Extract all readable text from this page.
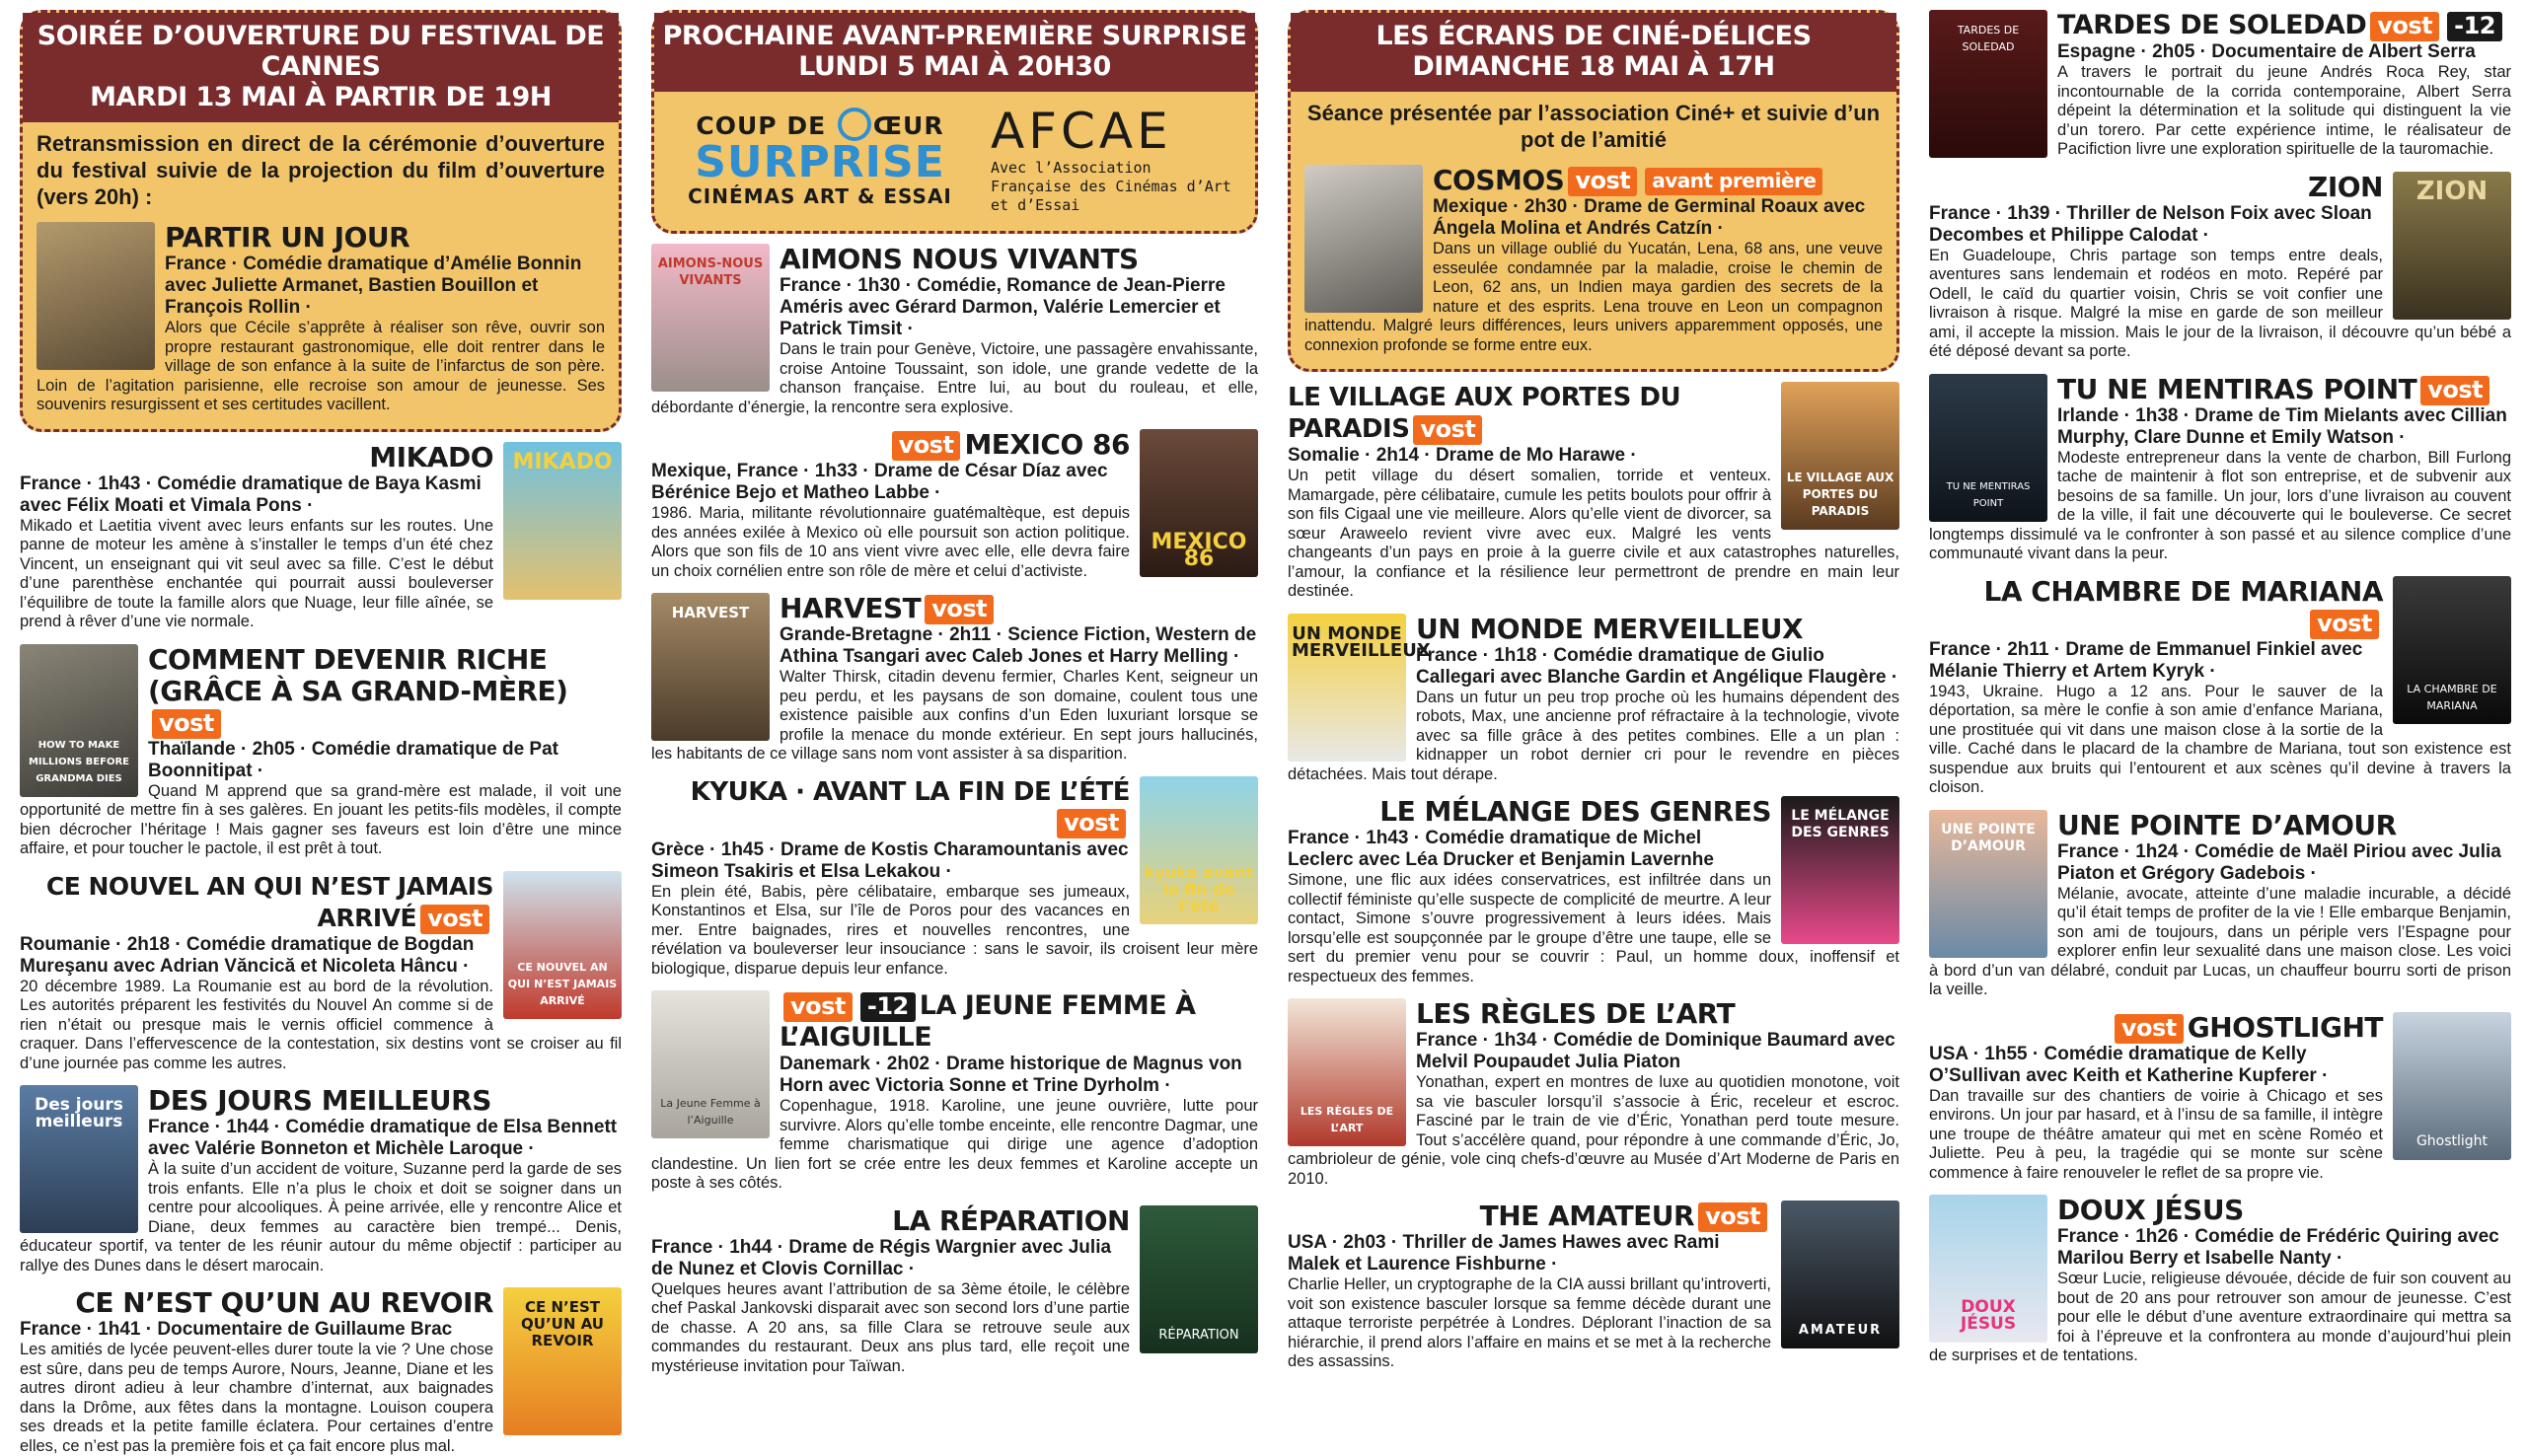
SOIRÉE D’OUVERTURE DU FESTIVAL DE CANNES
MARDI 13 MAI À PARTIR DE 19H
Retransmission en direct de la cérémonie d’ouverture du festival suivie de la projection du film d’ouverture (vers 20h) :
PARTIR UN JOUR
France · Comédie dramatique d’Amélie Bonnin avec Juliette Armanet, Bastien Bouillon et François Rollin ·
Alors que Cécile s’apprête à réaliser son rêve, ouvrir son propre restaurant gastronomique, elle doit rentrer dans le village de son enfance à la suite de l’infarctus de son père. Loin de l’agitation parisienne, elle recroise son amour de jeunesse. Ses souvenirs resurgissent et ses certitudes vacillent.
MIKADO
MIKADO
France · 1h43 · Comédie dramatique de Baya Kasmi avec Félix Moati et Vimala Pons ·
Mikado et Laetitia vivent avec leurs enfants sur les routes. Une panne de moteur les amène à s’installer le temps d’un été chez Vincent, un enseignant qui vit seul avec sa fille. C’est le début d’une parenthèse enchantée qui pourrait aussi bouleverser l’équilibre de toute la famille alors que Nuage, leur fille aînée, se prend à rêver d’une vie normale.
HOW TO MAKE MILLIONS BEFORE GRANDMA DIES
COMMENT DEVENIR RICHE (GRÂCE À SA GRAND-MÈRE)vost
Thaïlande · 2h05 · Comédie dramatique de Pat Boonnitipat ·
Quand M apprend que sa grand-mère est malade, il voit une opportunité de mettre fin à ses galères. En jouant les petits-fils modèles, il compte bien décrocher l’héritage ! Mais gagner ses faveurs est loin d’être une mince affaire, et pour toucher le pactole, il est prêt à tout.
CE NOUVEL AN QUI N’EST JAMAIS ARRIVÉ
CE NOUVEL AN QUI N’EST JAMAIS ARRIVÉ vost
Roumanie · 2h18 · Comédie dramatique de Bogdan Mureşanu avec Adrian Văncică et Nicoleta Hâncu ·
20 décembre 1989. La Roumanie est au bord de la révolution. Les autorités préparent les festivités du Nouvel An comme si de rien n’était ou presque mais le vernis officiel commence à craquer. Dans l’effervescence de la contestation, six destins vont se croiser au fil d’une journée pas comme les autres.
Des jours meilleurs
DES JOURS MEILLEURS
France · 1h44 · Comédie dramatique de Elsa Bennett avec Valérie Bonneton et Michèle Laroque ·
À la suite d’un accident de voiture, Suzanne perd la garde de ses trois enfants. Elle n’a plus le choix et doit se soigner dans un centre pour alcooliques. À peine arrivée, elle y rencontre Alice et Diane, deux femmes au caractère bien trempé... Denis, éducateur sportif, va tenter de les réunir autour du même objectif : participer au rallye des Dunes dans le désert marocain.
CE N’EST QU’UN AU REVOIR
CE N’EST QU’UN AU REVOIR
France · 1h41 · Documentaire de Guillaume Brac
Les amitiés de lycée peuvent-elles durer toute la vie ? Une chose est sûre, dans peu de temps Aurore, Nours, Jeanne, Diane et les autres diront adieu à leur chambre d’internat, aux baignades dans la Drôme, aux fêtes dans la montagne. Louison coupera ses dreads et la petite famille éclatera. Pour certaines d’entre elles, ce n’est pas la première fois et ça fait encore plus mal.
PROCHAINE AVANT-PREMIÈRE SURPRISE
LUNDI 5 MAI À 20H30
COUP DE ŒUR
SURPRISE
CINÉMAS ART & ESSAI
AFCAE
Avec l’Association Française des Cinémas d’Art et d’Essai
AIMONS-NOUS VIVANTS
AIMONS NOUS VIVANTS
France · 1h30 · Comédie, Romance de Jean-Pierre Améris avec Gérard Darmon, Valérie Lemercier et Patrick Timsit ·
Dans le train pour Genève, Victoire, une passagère envahissante, croise Antoine Toussaint, son idole, une grande vedette de la chanson française. Entre lui, au bout du rouleau, et elle, débordante d’énergie, la rencontre sera explosive.
MEXICO 86
vost MEXICO 86
Mexique, France · 1h33 · Drame de César Díaz avec Bérénice Bejo et Matheo Labbe ·
1986. Maria, militante révolutionnaire guatémaltèque, est depuis des années exilée à Mexico où elle poursuit son action politique. Alors que son fils de 10 ans vient vivre avec elle, elle devra faire un choix cornélien entre son rôle de mère et celui d’activiste.
HARVEST	HARVEST vost
Grande-Bretagne · 2h11 · Science Fiction, Western de Athina Tsangari avec Caleb Jones et Harry Melling ·
Walter Thirsk, citadin devenu fermier, Charles Kent, seigneur un peu perdu, et les paysans de son domaine, coulent tous une existence paisible aux confins d’un Eden luxuriant lorsque se profile la menace du monde extérieur. En sept jours hallucinés, les habitants de ce village sans nom vont assister à sa disparition.
kyuka avant la fin de l’été
KYUKA · AVANT LA FIN DE L’ÉTÉvost
Grèce · 1h45 · Drame de Kostis Charamountanis avec Simeon Tsakiris et Elsa Lekakou ·
En plein été, Babis, père célibataire, embarque ses jumeaux, Konstantinos et Elsa, sur l’île de Poros pour des vacances en mer. Entre baignades, rires et nouvelles rencontres, une révélation va bouleverser leur insouciance : sans le savoir, ils croisent leur mère biologique, disparue depuis leur enfance.
La Jeune Femme à l’Aiguille
vost -12 LA JEUNE FEMME À L’AIGUILLE
Danemark · 2h02 · Drame historique de Magnus von Horn avec Victoria Sonne et Trine Dyrholm ·
Copenhague, 1918. Karoline, une jeune ouvrière, lutte pour survivre. Alors qu’elle tombe enceinte, elle rencontre Dagmar, une femme charismatique qui dirige une agence d’adoption clandestine. Un lien fort se crée entre les deux femmes et Karoline accepte un poste à ses côtés.
RÉPARATION
LA RÉPARATION
France · 1h44 · Drame de Régis Wargnier avec Julia de Nunez et Clovis Cornillac ·
Quelques heures avant l’attribution de sa 3ème étoile, le célèbre chef Paskal Jankovski disparait avec son second lors d’une partie de chasse. A 20 ans, sa fille Clara se retrouve seule aux commandes du restaurant. Deux ans plus tard, elle reçoit une mystérieuse invitation pour Taïwan.
LES ÉCRANS DE CINÉ-DÉLICES
DIMANCHE 18 MAI À 17H
Séance présentée par l’association Ciné+ et suivie d’un pot de l’amitié
COSMOS vost avant première
Mexique · 2h30 · Drame de Germinal Roaux avec Ángela Molina et Andrés Catzín ·
Dans un village oublié du Yucatán, Lena, 68 ans, une veuve esseulée condamnée par la maladie, croise le chemin de Leon, 62 ans, un Indien maya gardien des secrets de la nature et des esprits. Lena trouve en Leon un compagnon inattendu. Malgré leurs différences, leurs univers apparemment opposés, une connexion profonde se forme entre eux.
LE VILLAGE AUX PORTES DU PARADIS
LE VILLAGE AUX PORTES DU PARADIS vost
Somalie · 2h14 · Drame de Mo Harawe ·
Un petit village du désert somalien, torride et venteux. Mamargade, père célibataire, cumule les petits boulots pour offrir à son fils Cigaal une vie meilleure. Alors qu’elle vient de divorcer, sa sœur Araweelo revient vivre avec eux. Malgré les vents changeants d’un pays en proie à la guerre civile et aux catastrophes naturelles, l’amour, la confiance et la résilience leur permettront de prendre en main leur destinée.
UN MONDE MERVEILLEUX
UN MONDE MERVEILLEUX
France · 1h18 · Comédie dramatique de Giulio Callegari avec Blanche Gardin et Angélique Flaugère ·
Dans un futur un peu trop proche où les humains dépendent des robots, Max, une ancienne prof réfractaire à la technologie, vivote avec sa fille grâce à des petites combines. Elle a un plan : kidnapper un robot dernier cri pour le revendre en pièces détachées. Mais tout dérape.
LE MÉLANGE DES GENRES
LE MÉLANGE DES GENRES
France · 1h43 · Comédie dramatique de Michel Leclerc avec Léa Drucker et Benjamin Lavernhe
Simone, une flic aux idées conservatrices, est infiltrée dans un collectif féministe qu’elle suspecte de complicité de meurtre. A leur contact, Simone s’ouvre progressivement à leurs idées. Mais lorsqu’elle est soupçonnée par le groupe d’être une taupe, elle se sert du premier venu pour se couvrir : Paul, un homme doux, inoffensif et respectueux des femmes.
LES RÈGLES DE L’ART
LES RÈGLES DE L’ART
France · 1h34 · Comédie de Dominique Baumard avec Melvil Poupaudet Julia Piaton
Yonathan, expert en montres de luxe au quotidien monotone, voit sa vie basculer lorsqu’il s’associe à Éric, receleur et escroc. Fasciné par le train de vie d’Éric, Yonathan perd toute mesure. Tout s’accélère quand, pour répondre à une commande d’Éric, Jo, cambrioleur de génie, vole cinq chefs-d’œuvre au Musée d’Art Moderne de Paris en 2010.
AMATEUR
THE AMATEUR vost
USA · 2h03 · Thriller de James Hawes avec Rami Malek et Laurence Fishburne ·
Charlie Heller, un cryptographe de la CIA aussi brillant qu’introverti, voit son existence basculer lorsque sa femme décède durant une attaque terroriste perpétrée à Londres. Déplorant l’inaction de sa hiérarchie, il prend alors l’affaire en mains et se met à la recherche des assassins.
TARDES DE SOLEDAD
TARDES DE SOLEDAD vost -12
Espagne · 2h05 · Documentaire de Albert Serra
A travers le portrait du jeune Andrés Roca Rey, star incontournable de la corrida contemporaine, Albert Serra dépeint la détermination et la solitude qui distinguent la vie d’un torero. Par cette expérience intime, le réalisateur de Pacifiction livre une exploration spirituelle de la tauromachie.
ZION
ZION
France · 1h39 · Thriller de Nelson Foix avec Sloan Decombes et Philippe Calodat ·
En Guadeloupe, Chris partage son temps entre deals, aventures sans lendemain et rodéos en moto. Repéré par Odell, le caïd du quartier voisin, Chris se voit confier une livraison à risque. Malgré la mise en garde de son meilleur ami, il accepte la mission. Mais le jour de la livraison, il découvre qu’un bébé a été déposé devant sa porte.
TU NE MENTIRAS POINT
TU NE MENTIRAS POINT vost
Irlande · 1h38 · Drame de Tim Mielants avec Cillian Murphy, Clare Dunne et Emily Watson ·
Modeste entrepreneur dans la vente de charbon, Bill Furlong tache de maintenir à flot son entreprise, et de subvenir aux besoins de sa famille. Un jour, lors d’une livraison au couvent de la ville, il fait une découverte qui le bouleverse. Ce secret longtemps dissimulé va le confronter à son passé et au silence complice d’une communauté vivant dans la peur.
LA CHAMBRE DE MARIANA
LA CHAMBRE DE MARIANAvost
France · 2h11 · Drame de Emmanuel Finkiel avec Mélanie Thierry et Artem Kyryk ·
1943, Ukraine. Hugo a 12 ans. Pour le sauver de la déportation, sa mère le confie à son amie d’enfance Mariana, une prostituée qui vit dans une maison close à la sortie de la ville. Caché dans le placard de la chambre de Mariana, tout son existence est suspendue aux bruits qui l’entourent et aux scènes qu’il devine à travers la cloison.
UNE POINTE D’AMOUR
UNE POINTE D’AMOUR
France · 1h24 · Comédie de Maël Piriou avec Julia Piaton et Grégory Gadebois ·
Mélanie, avocate, atteinte d’une maladie incurable, a décidé qu’il était temps de profiter de la vie ! Elle embarque Benjamin, son ami de toujours, dans un périple vers l’Espagne pour explorer enfin leur sexualité dans une maison close. Les voici à bord d’un van délabré, conduit par Lucas, un chauffeur bourru sorti de prison la veille.
Ghostlight
vost GHOSTLIGHT
USA · 1h55 · Comédie dramatique de Kelly O’Sullivan avec Keith et Katherine Kupferer ·
Dan travaille sur des chantiers de voirie à Chicago et ses environs. Un jour par hasard, et à l’insu de sa famille, il intègre une troupe de théâtre amateur qui met en scène Roméo et Juliette. Peu à peu, la tragédie qui se monte sur scène commence à faire renouveler le reflet de sa propre vie.
DOUX JÉSUS
DOUX JÉSUS
France · 1h26 · Comédie de Frédéric Quiring avec Marilou Berry et Isabelle Nanty ·
Sœur Lucie, religieuse dévouée, décide de fuir son couvent au bout de 20 ans pour retrouver son amour de jeunesse. C’est pour elle le début d’une aventure extraordinaire qui mettra sa foi à l’épreuve et la confrontera au monde d’aujourd’hui plein de surprises et de tentations.
